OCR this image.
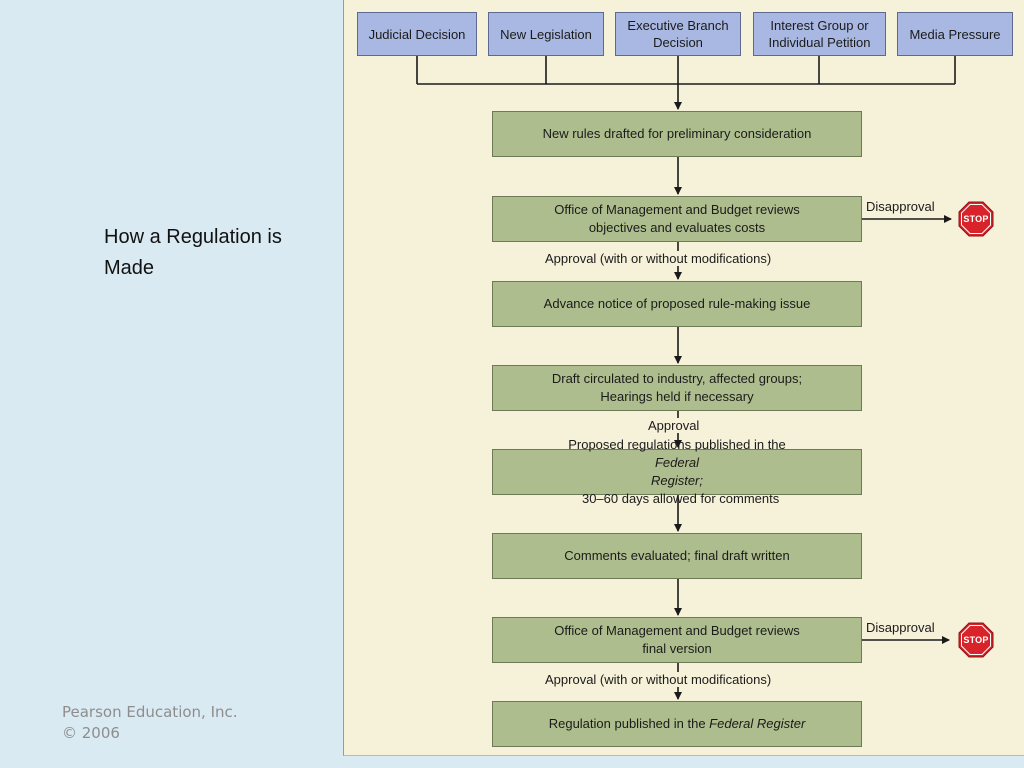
How a Regulation is Made
Pearson Education, Inc.
© 2006
Judicial Decision	New Legislation
Executive Branch
Decision
Interest Group or
Individual Petition
Media Pressure
New rules drafted for preliminary consideration
Office of Management and Budget reviews
objectives and evaluates costs
Advance notice of proposed rule-making issue
Draft circulated to industry, affected groups;
Hearings held if necessary
Proposed regulations published in the
Federal
Register;
30–60 days allowed for comments
Comments evaluated; final draft written
Office of Management and Budget reviews
final version
Regulation published in the Federal Register
Approval (with or without modifications)
Approval
Approval (with or without modifications)
Disapproval
Disapproval
STOP
STOP
